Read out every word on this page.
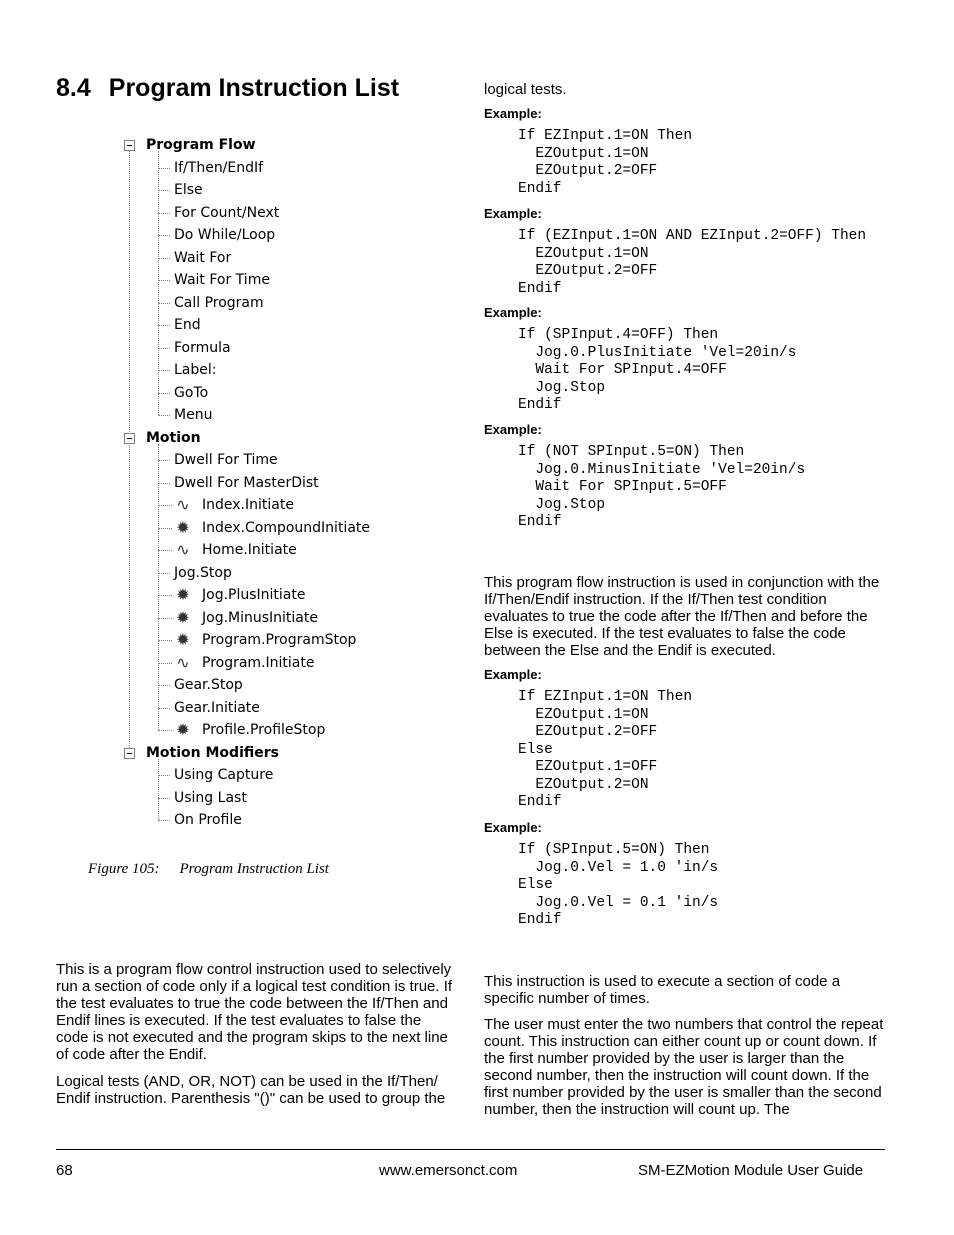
8.4 Program Instruction List
Program Flow
If/Then/EndIf
Else
For Count/Next
Do While/Loop
Wait For
Wait For Time
Call Program
End
Formula
Label:
GoTo
Menu
Motion
Dwell For Time
Dwell For MasterDist
∿ Index.Initiate
✹ Index.CompoundInitiate
∿ Home.Initiate
Jog.Stop
✹ Jog.PlusInitiate
✹ Jog.MinusInitiate
✹ Program.ProgramStop
∿ Program.Initiate
Gear.Stop
Gear.Initiate
✹ Profile.ProfileStop
Motion Modifiers
Using Capture
Using Last
On Profile
Figure 105: Program Instruction List

This is a program flow control instruction used to selectively run a section of code only if a logical test condition is true. If the test evaluates to true the code between the If/Then and Endif lines is executed. If the test evaluates to false the code is not executed and the program skips to the next line of code after the Endif.

Logical tests (AND, OR, NOT) can be used in the If/Then/ Endif instruction. Parenthesis "()" can be used to group the

logical tests.

Example:
If EZInput.1=ON Then
EZOutput.1=ON
EZOutput.2=OFF
Endif
Example:
If (EZInput.1=ON AND EZInput.2=OFF) Then
EZOutput.1=ON
EZOutput.2=OFF
Endif
Example:
If (SPInput.4=OFF) Then
Jog.0.PlusInitiate 'Vel=20in/s
Wait For SPInput.4=OFF
Jog.Stop
Endif
Example:
If (NOT SPInput.5=ON) Then
Jog.0.MinusInitiate 'Vel=20in/s
Wait For SPInput.5=OFF
Jog.Stop
Endif

This program flow instruction is used in conjunction with the If/Then/Endif instruction. If the If/Then test condition evaluates to true the code after the If/Then and before the Else is executed. If the test evaluates to false the code between the Else and the Endif is executed.

Example:
If EZInput.1=ON Then
EZOutput.1=ON
EZOutput.2=OFF
Else
EZOutput.1=OFF
EZOutput.2=ON
Endif
Example:
If (SPInput.5=ON) Then
Jog.0.Vel = 1.0 'in/s
Else
Jog.0.Vel = 0.1 'in/s
Endif

This instruction is used to execute a section of code a specific number of times.

The user must enter the two numbers that control the repeat count. This instruction can either count up or count down. If the first number provided by the user is larger than the second number, then the instruction will count down. If the first number provided by the user is smaller than the second number, then the instruction will count up. The

68	www.emersonct.com	SM-EZMotion Module User Guide
